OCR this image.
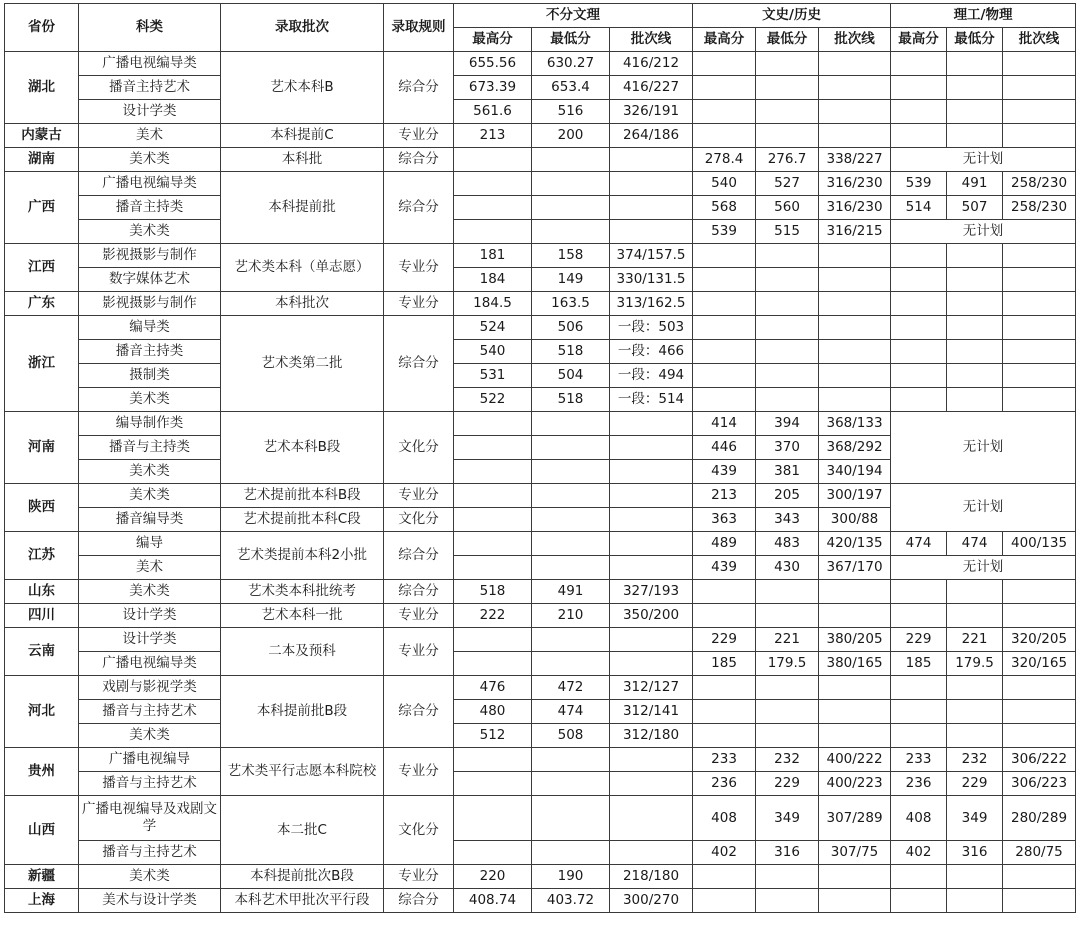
省份	科类	录取批次	录取规则	不分文理			文史/历史			理工/物理		
				最高分	最低分	批次线	最高分	最低分	批次线	最高分	最低分	批次线
湖北	广播电视编导类	艺术本科B	综合分	655.56	630.27	416/212						
	播音主持艺术			673.39	653.4	416/227						
	设计学类			561.6	516	326/191						
内蒙古	美术	本科提前C	专业分	213	200	264/186						
湖南	美术类	本科批	综合分				278.4	276.7	338/227	无计划		
广西	广播电视编导类	本科提前批	综合分				540	527	316/230	539	491	258/230
	播音主持类						568	560	316/230	514	507	258/230
	美术类						539	515	316/215	无计划		
江西	影视摄影与制作	艺术类本科（单志愿）	专业分	181	158	374/157.5						
	数字媒体艺术			184	149	330/131.5						
广东	影视摄影与制作	本科批次	专业分	184.5	163.5	313/162.5						
浙江	编导类	艺术类第二批	综合分	524	506	一段：503						
	播音主持类			540	518	一段：466						
	摄制类			531	504	一段：494						
	美术类			522	518	一段：514						
河南	编导制作类	艺术本科B段	文化分				414	394	368/133	无计划		
	播音与主持类						446	370	368/292			
	美术类						439	381	340/194			
陕西	美术类	艺术提前批本科B段	专业分				213	205	300/197	无计划		
	播音编导类	艺术提前批本科C段	文化分				363	343	300/88			
江苏	编导	艺术类提前本科2小批	综合分				489	483	420/135	474	474	400/135
	美术						439	430	367/170	无计划		
山东	美术类	艺术类本科批统考	综合分	518	491	327/193						
四川	设计学类	艺术本科一批	专业分	222	210	350/200						
云南	设计学类	二本及预科	专业分				229	221	380/205	229	221	320/205
	广播电视编导类						185	179.5	380/165	185	179.5	320/165
河北	戏剧与影视学类	本科提前批B段	综合分	476	472	312/127						
	播音与主持艺术			480	474	312/141						
	美术类			512	508	312/180						
贵州	广播电视编导	艺术类平行志愿本科院校	专业分				233	232	400/222	233	232	306/222
	播音与主持艺术						236	229	400/223	236	229	306/223
山西	广播电视编导及戏剧文学	本二批C	文化分				408	349	307/289	408	349	280/289
	播音与主持艺术						402	316	307/75	402	316	280/75
新疆	美术类	本科提前批次B段	专业分	220	190	218/180						
上海	美术与设计学类	本科艺术甲批次平行段	综合分	408.74	403.72	300/270						
